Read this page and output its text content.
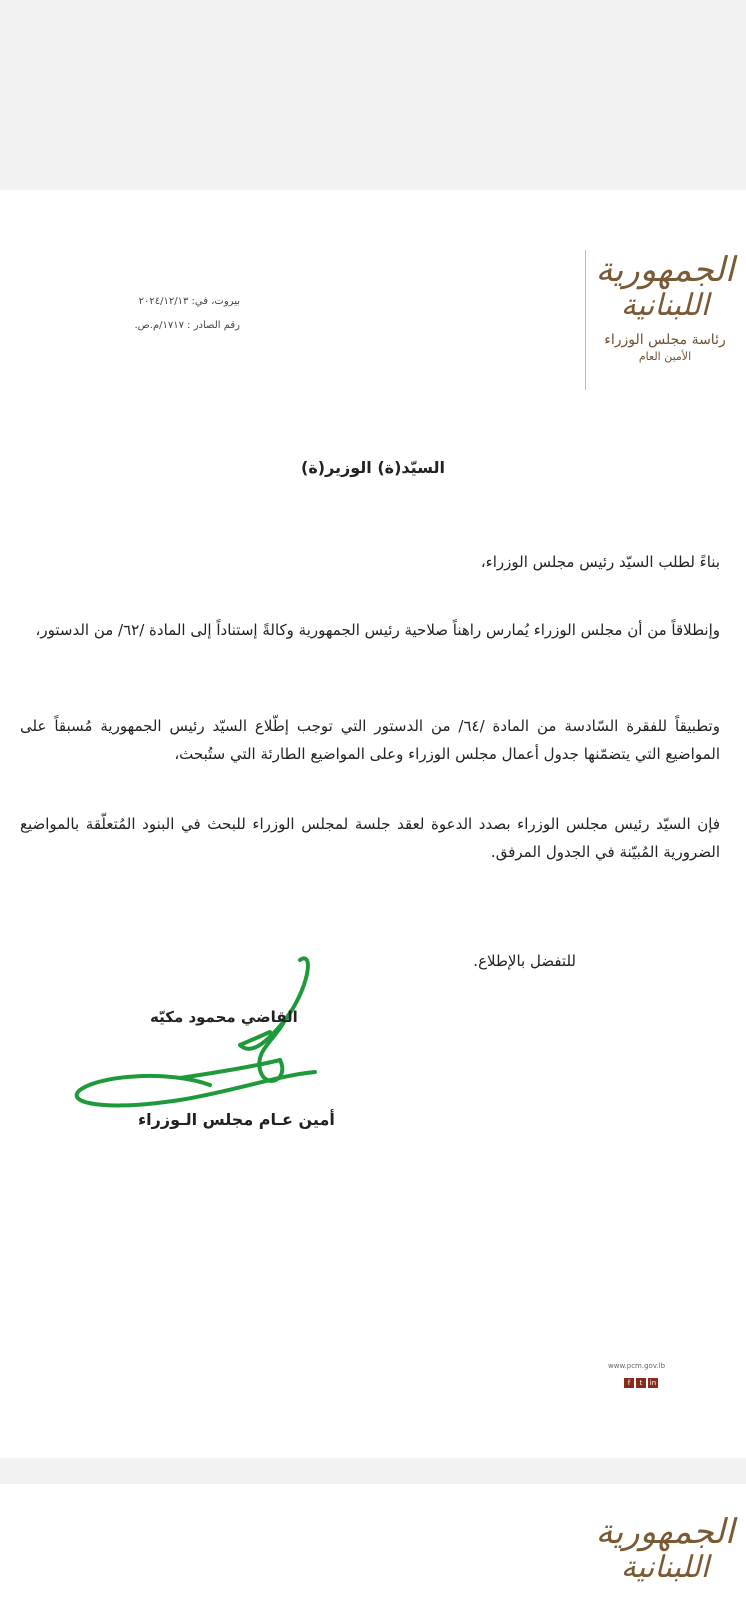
الجمهورية
اللبنانية
رئاسة مجلس الوزراء
الأمين العام
بيروت، في: ٢٠٢٤/١٢/١٣
رقم الصادر : ١٧١٧/م.ص.
السيّد(ة) الوزير(ة)
بناءً لطلب السيّد رئيس مجلس الوزراء،
وإنطلاقاً من أن مجلس الوزراء يُمارس راهناً صلاحية رئيس الجمهورية وكالةً إستناداً إلى المادة /٦٢/ من الدستور،
وتطبيقاً للفقرة السّادسة من المادة /٦٤/ من الدستور التي توجب إطّلاع السيّد رئيس الجمهورية مُسبقاً على المواضيع التي يتضمّنها جدول أعمال مجلس الوزراء وعلى المواضيع الطارئة التي ستُبحث،
فإن السيّد رئيس مجلس الوزراء بصدد الدعوة لعقد جلسة لمجلس الوزراء للبحث في البنود المُتعلّقة بالمواضيع الضرورية المُبيّنة في الجدول المرفق.
للتفضل بالإطلاع.
القاضي محمود مكيّه
أمين عـام مجلس الـوزراء
www.pcm.gov.lb
f	t	in
الجمهورية
اللبنانية
